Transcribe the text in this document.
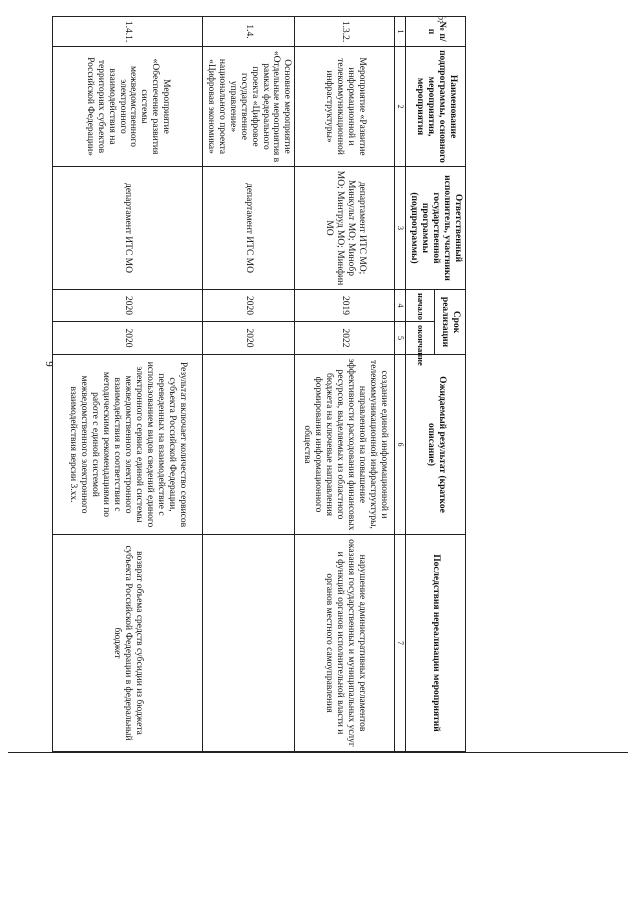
9
ɓ;
№ п/п	Наименование подпрограммы, основного мероприятия, мероприятия	Ответственный исполнитель, участники государственной программы (подпрограммы)	Срок реализации		Ожидаемый результат (краткое описание)	Последствия нереализации мероприятий
			начало	окончание		
1	2	3	4	5	6	7
1.3.2.	Мероприятие «Развитие информационной и телекоммуникационной инфраструктуры»	департамент ИТС МО; Минкульт МО; Минобр МО; Минтруд МО; Минфин МО	2019	2022	создание единой информационной и телекоммуникационной инфраструктуры, направленной на повышение эффективности расходования финансовых ресурсов, выделяемых из областного бюджета на ключевые направления формирования информационного общества	нарушение административных регламентов оказания государственных и муниципальных услуг и функций органов исполнительной власти и органов местного самоуправления
1.4.	Основное мероприятие «Отдельные мероприятия в рамках федерального проекта «Цифровое государственное управление» национального проекта «Цифровая экономика»	департамент ИТС МО	2020	2020		
1.4.1.	Мероприятие «Обеспечение развития системы межведомственного электронного взаимодействия на территориях субъектов Российской Федерации»	департамент ИТС МО	2020	2020	Результат включает количество сервисов субъекта Российской Федерации, переведенных на взаимодействие с использованием видов сведений единого электронного сервиса единой системы межведомственного электронного взаимодействия в соответствии с методическими рекомендациями по работе с единой системой межведомственного электронного взаимодействия версии 3.хх.	возврат объема средств субсидии из бюджета субъекта Российской Федерации в федеральный бюджет
